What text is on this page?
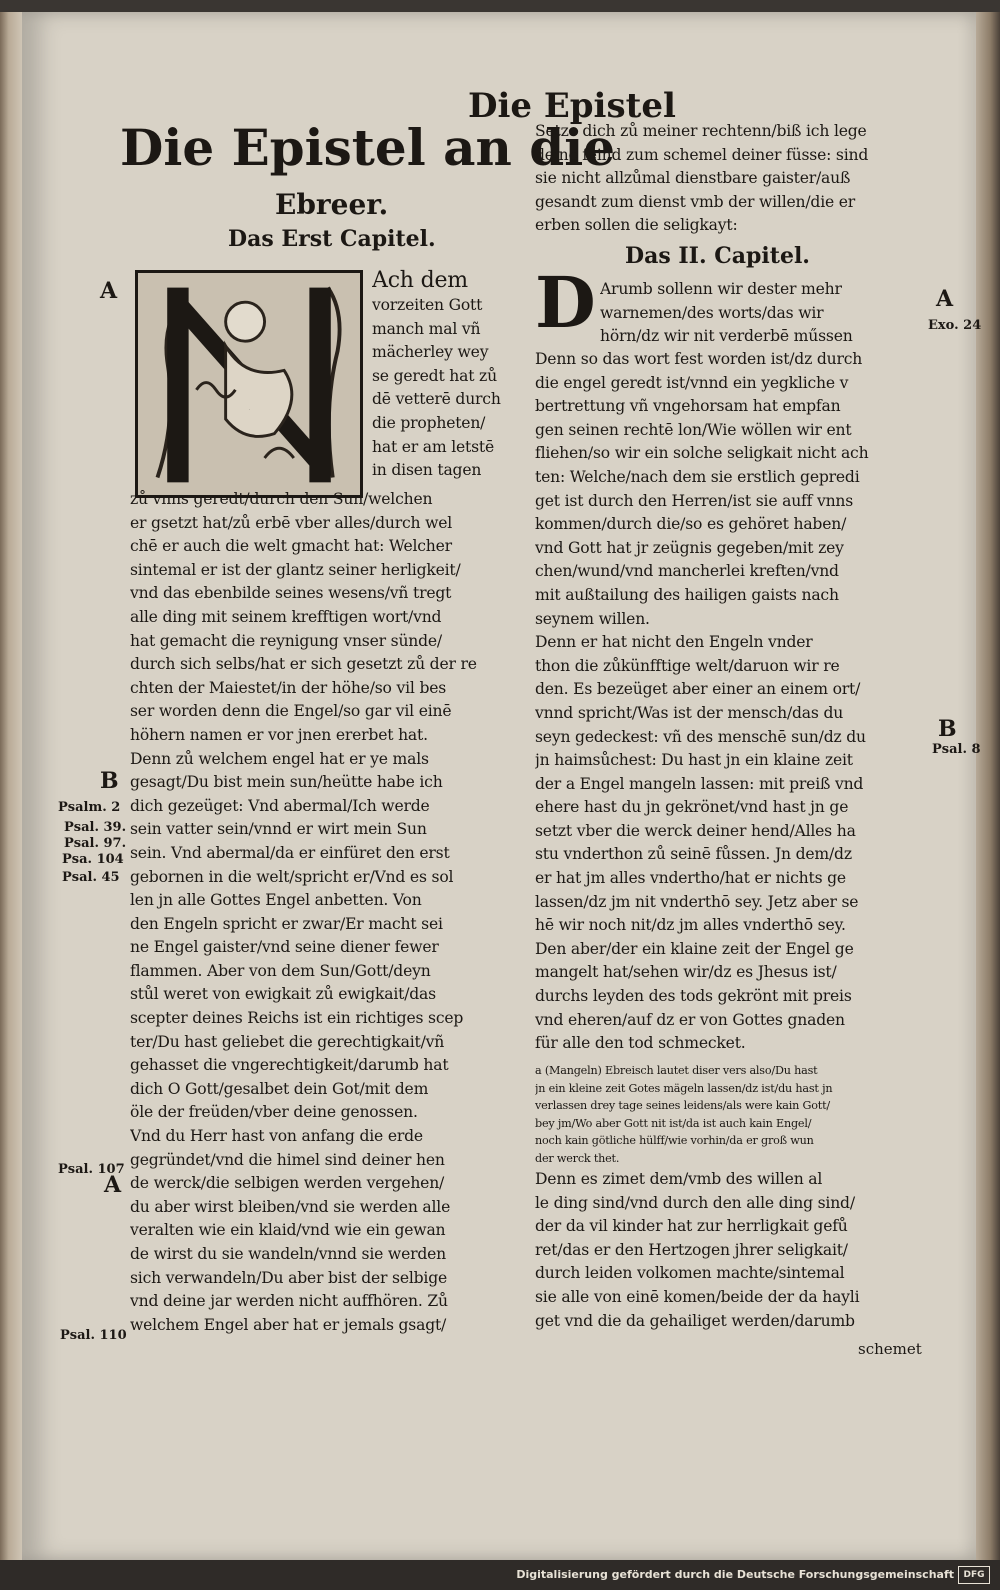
Die Epistel
Die Epistel an die
Ebreer.
Das Erst Capitel.
N
Ach dem
vorzeiten Gott
manch mal vñ
mächerley wey
se geredt hat zů
dē vetterē durch
die propheten/
hat er am letstē
in disen tagen
zů vnns geredt/durch den Sun/welchen
er gsetzt hat/zů erbē vber alles/durch wel
chē er auch die welt gmacht hat: Welcher
sintemal er ist der glantz seiner herligkeit/
vnd das ebenbilde seines wesens/vñ tregt
alle ding mit seinem krefftigen wort/vnd
hat gemacht die reynigung vnser sünde/
durch sich selbs/hat er sich gesetzt zů der re
chten der Maiestet/in der höhe/so vil bes
ser worden denn die Engel/so gar vil einē
höhern namen er vor jnen ererbet hat.
Denn zů welchem engel hat er ye mals
gesagt/Du bist mein sun/heütte habe ich
dich gezeüget: Vnd abermal/Ich werde
sein vatter sein/vnnd er wirt mein Sun
sein. Vnd abermal/da er einfüret den erst
gebornen in die welt/spricht er/Vnd es sol
len jn alle Gottes Engel anbetten. Von
den Engeln spricht er zwar/Er macht sei
ne Engel gaister/vnd seine diener fewer
flammen. Aber von dem Sun/Gott/deyn
stůl weret von ewigkait zů ewigkait/das
scepter deines Reichs ist ein richtiges scep
ter/Du hast geliebet die gerechtigkait/vñ
gehasset die vngerechtigkeit/darumb hat
dich O Gott/gesalbet dein Got/mit dem
öle der freüden/vber deine genossen.
Vnd du Herr hast von anfang die erde
gegründet/vnd die himel sind deiner hen
de werck/die selbigen werden vergehen/
du aber wirst bleiben/vnd sie werden alle
veralten wie ein klaid/vnd wie ein gewan
de wirst du sie wandeln/vnnd sie werden
sich verwandeln/Du aber bist der selbige
vnd deine jar werden nicht auffhören. Zů
welchem Engel aber hat er jemals gsagt/
Setze dich zů meiner rechtenn/biß ich lege
deine feind zum schemel deiner füsse: sind
sie nicht allzůmal dienstbare gaister/auß
gesandt zum dienst vmb der willen/die er
erben sollen die seligkayt:
Das II. Capitel.
D Arumb sollenn wir dester mehr
warnemen/des worts/das wir
hörn/dz wir nit verderbē műssen
Denn so das wort fest worden ist/dz durch
die engel geredt ist/vnnd ein yegkliche v
bertrettung vñ vngehorsam hat empfan
gen seinen rechtē lon/Wie wöllen wir ent
fliehen/so wir ein solche seligkait nicht ach
ten: Welche/nach dem sie erstlich gepredi
get ist durch den Herren/ist sie auff vnns
kommen/durch die/so es gehöret haben/
vnd Gott hat jr zeügnis gegeben/mit zey
chen/wund/vnd mancherlei kreften/vnd
mit außtailung des hailigen gaists nach
seynem willen.
Denn er hat nicht den Engeln vnder
thon die zůkünfftige welt/daruon wir re
den. Es bezeüget aber einer an einem ort/
vnnd spricht/Was ist der mensch/das du
seyn gedeckest: vñ des menschē sun/dz du
jn haimsůchest: Du hast jn ein klaine zeit
der a Engel mangeln lassen: mit preiß vnd
ehere hast du jn gekrönet/vnd hast jn ge
setzt vber die werck deiner hend/Alles ha
stu vnderthon zů seinē fůssen. Jn dem/dz
er hat jm alles vndertho/hat er nichts ge
lassen/dz jm nit vnderthō sey. Jetz aber se
hē wir noch nit/dz jm alles vnderthō sey.
Den aber/der ein klaine zeit der Engel ge
mangelt hat/sehen wir/dz es Jhesus ist/
durchs leyden des tods gekrönt mit preis
vnd eheren/auf dz er von Gottes gnaden
für alle den tod schmecket.
a (Mangeln) Ebreisch lautet diser vers also/Du hast
jn ein kleine zeit Gotes mägeln lassen/dz ist/du hast jn
verlassen drey tage seines leidens/als were kain Gott/
bey jm/Wo aber Gott nit ist/da ist auch kain Engel/
noch kain götliche hülff/wie vorhin/da er groß wun
der werck thet.
Denn es zimet dem/vmb des willen al
le ding sind/vnd durch den alle ding sind/
der da vil kinder hat zur herrligkait gefů
ret/das er den Hertzogen jhrer seligkait/
durch leiden volkomen machte/sintemal
sie alle von einē komen/beide der da hayli
get vnd die da gehailiget werden/darumb
schemet
A
B
Psalm. 2
Psal. 39.
Psal. 97.
Psa. 104
Psal. 45
Psal. 107
A
Psal. 110
A
Exo. 24
B
Psal. 8
Digitalisierung gefördert durch die Deutsche Forschungsgemeinschaft	DFG
